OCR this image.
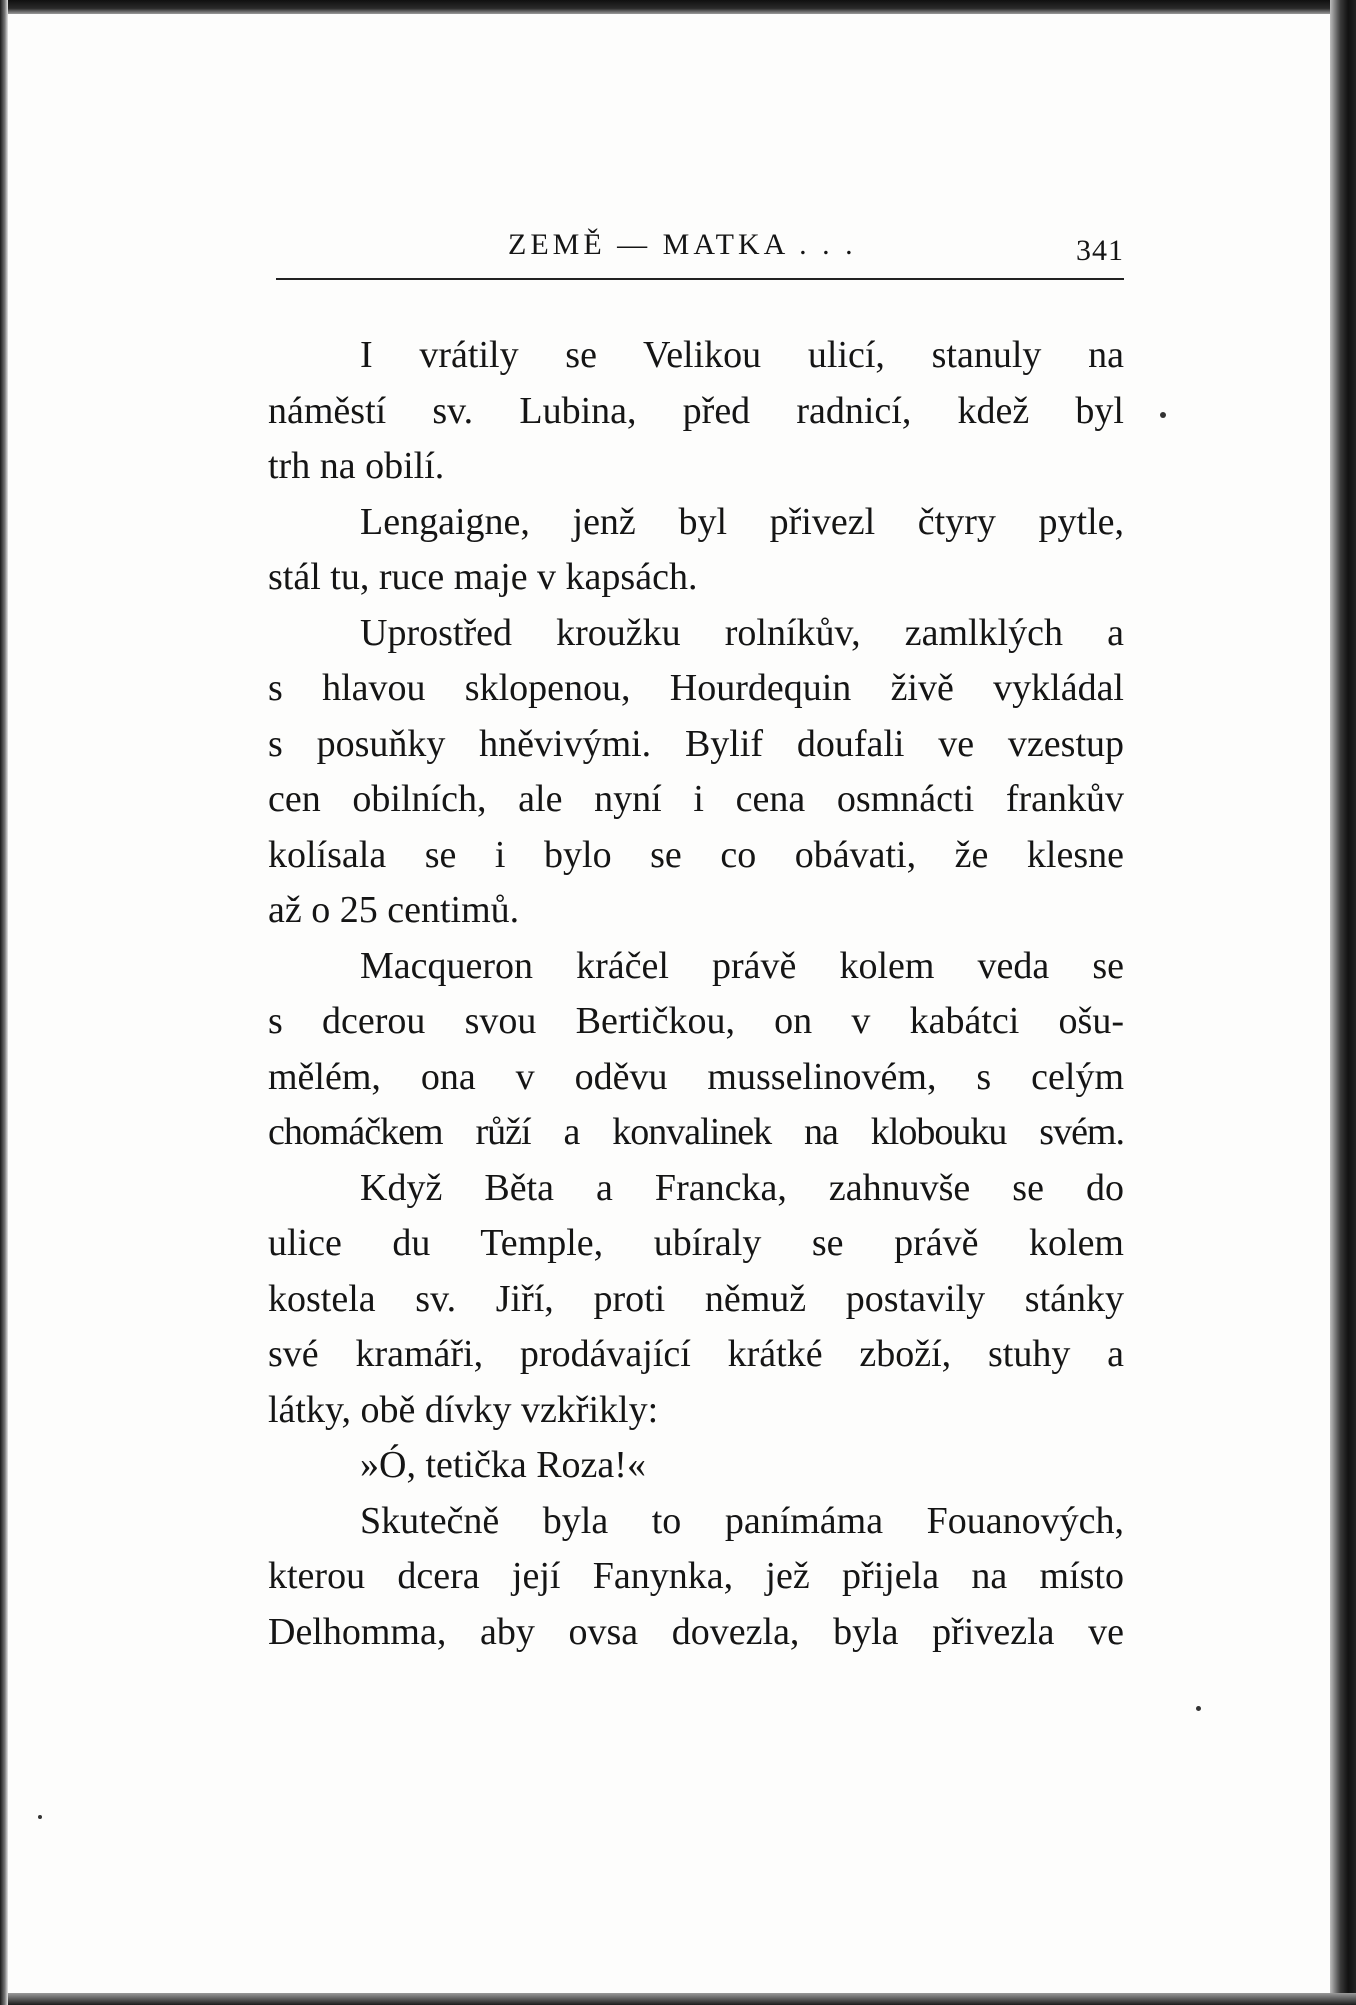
ZEMĚ — MATKA . . .	341

I vrátily se Velikou ulicí, stanuly na
náměstí sv. Lubina, před radnicí, kdež byl
trh na obilí.

Lengaigne, jenž byl přivezl čtyry pytle,
stál tu, ruce maje v kapsách.

Uprostřed kroužku rolníkův, zamlklých a
s hlavou sklopenou, Hourdequin živě vykládal
s posuňky hněvivými. Bylif doufali ve vzestup
cen obilních, ale nyní i cena osmnácti frankův
kolísala se i bylo se co obávati, že klesne
až o 25 centimů.

Macqueron kráčel právě kolem veda se
s dcerou svou Bertičkou, on v kabátci ošu-
mělém, ona v oděvu musselinovém, s celým
chomáčkem růží a konvalinek na klobouku svém.

Když Běta a Francka, zahnuvše se do
ulice du Temple, ubíraly se právě kolem
kostela sv. Jiří, proti němuž postavily stánky
své kramáři, prodávající krátké zboží, stuhy a
látky, obě dívky vzkřikly:

»Ó, tetička Roza!«

Skutečně byla to panímáma Fouanových,
kterou dcera její Fanynka, jež přijela na místo
Delhomma, aby ovsa dovezla, byla přivezla ve
